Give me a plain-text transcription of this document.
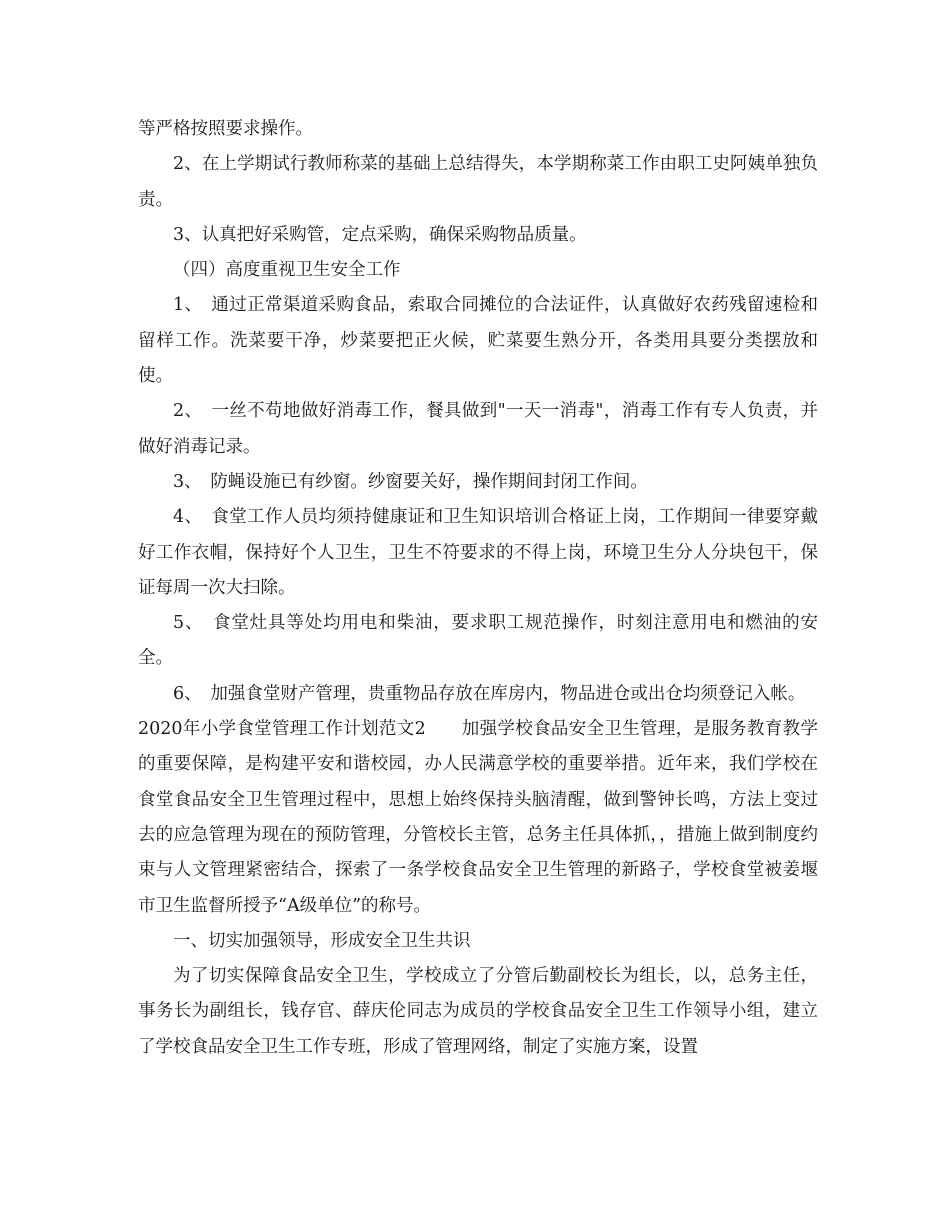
等严格按照要求操作。

2、在上学期试行教师称菜的基础上总结得失，本学期称菜工作由职工史阿姨单独负责。

3、认真把好采购管，定点采购，确保采购物品质量。

（四）高度重视卫生安全工作

1、　通过正常渠道采购食品，索取合同摊位的合法证件，认真做好农药残留速检和留样工作。洗菜要干净，炒菜要把正火候，贮菜要生熟分开，各类用具要分类摆放和使。

2、　一丝不苟地做好消毒工作，餐具做到"一天一消毒"，消毒工作有专人负责，并做好消毒记录。

3、　防蝇设施已有纱窗。纱窗要关好，操作期间封闭工作间。

4、　食堂工作人员均须持健康证和卫生知识培训合格证上岗，工作期间一律要穿戴好工作衣帽，保持好个人卫生，卫生不符要求的不得上岗，环境卫生分人分块包干，保证每周一次大扫除。

5、　食堂灶具等处均用电和柴油，要求职工规范操作，时刻注意用电和燃油的安全。

6、　加强食堂财产管理，贵重物品存放在库房内，物品进仓或出仓均须登记入帐。

2020年小学食堂管理工作计划范文2　　加强学校食品安全卫生管理，是服务教育教学的重要保障，是构建平安和谐校园，办人民满意学校的重要举措。近年来，我们学校在食堂食品安全卫生管理过程中，思想上始终保持头脑清醒，做到警钟长鸣，方法上变过去的应急管理为现在的预防管理，分管校长主管，总务主任具体抓，，措施上做到制度约束与人文管理紧密结合，探索了一条学校食品安全卫生管理的新路子，学校食堂被姜堰市卫生监督所授予“A级单位”的称号。

一、切实加强领导，形成安全卫生共识

为了切实保障食品安全卫生，学校成立了分管后勤副校长为组长，以，总务主任，事务长为副组长，钱存官、薛庆伦同志为成员的学校食品安全卫生工作领导小组，建立了学校食品安全卫生工作专班，形成了管理网络，制定了实施方案，设置
